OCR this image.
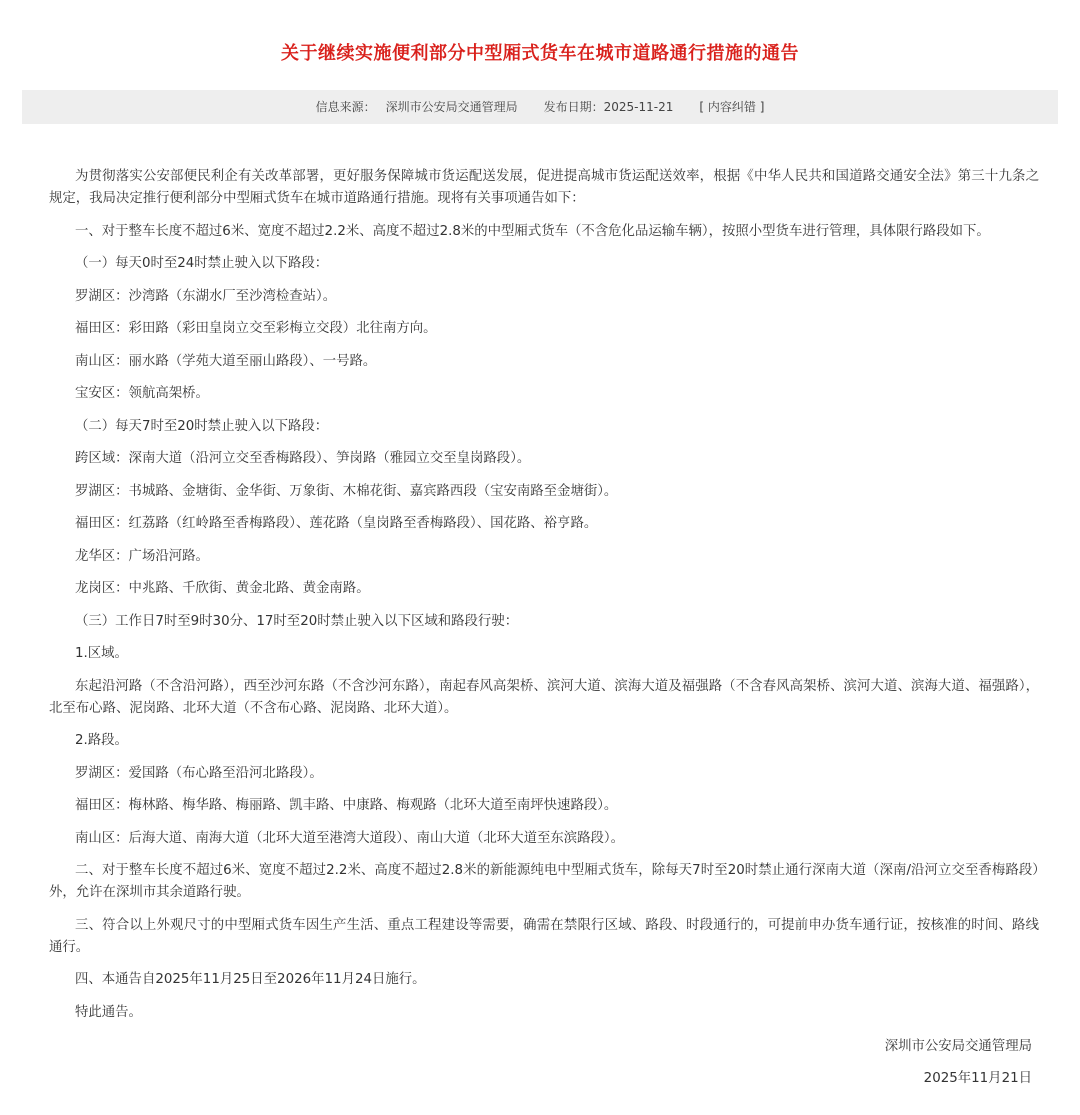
关于继续实施便利部分中型厢式货车在城市道路通行措施的通告
信息来源： 深圳市公安局交通管理局 发布日期：2025-11-21 [ 内容纠错 ]

为贯彻落实公安部便民利企有关改革部署，更好服务保障城市货运配送发展，促进提高城市货运配送效率，根据《中华人民共和国道路交通安全法》第三十九条之规定，我局决定推行便利部分中型厢式货车在城市道路通行措施。现将有关事项通告如下：

一、对于整车长度不超过6米、宽度不超过2.2米、高度不超过2.8米的中型厢式货车（不含危化品运输车辆），按照小型货车进行管理，具体限行路段如下。

（一）每天0时至24时禁止驶入以下路段：

罗湖区：沙湾路（东湖水厂至沙湾检查站）。

福田区：彩田路（彩田皇岗立交至彩梅立交段）北往南方向。

南山区：丽水路（学苑大道至丽山路段）、一号路。

宝安区：领航高架桥。

（二）每天7时至20时禁止驶入以下路段：

跨区域：深南大道（沿河立交至香梅路段）、笋岗路（雅园立交至皇岗路段）。

罗湖区：书城路、金塘街、金华街、万象街、木棉花街、嘉宾路西段（宝安南路至金塘街）。

福田区：红荔路（红岭路至香梅路段）、莲花路（皇岗路至香梅路段）、国花路、裕亨路。

龙华区：广场沿河路。

龙岗区：中兆路、千欣街、黄金北路、黄金南路。

（三）工作日7时至9时30分、17时至20时禁止驶入以下区域和路段行驶：

1.区域。

东起沿河路（不含沿河路），西至沙河东路（不含沙河东路），南起春风高架桥、滨河大道、滨海大道及福强路（不含春风高架桥、滨河大道、滨海大道、福强路），北至布心路、泥岗路、北环大道（不含布心路、泥岗路、北环大道）。

2.路段。

罗湖区：爱国路（布心路至沿河北路段）。

福田区：梅林路、梅华路、梅丽路、凯丰路、中康路、梅观路（北环大道至南坪快速路段）。

南山区：后海大道、南海大道（北环大道至港湾大道段）、南山大道（北环大道至东滨路段）。

二、对于整车长度不超过6米、宽度不超过2.2米、高度不超过2.8米的新能源纯电中型厢式货车，除每天7时至20时禁止通行深南大道（深南/沿河立交至香梅路段）外，允许在深圳市其余道路行驶。

三、符合以上外观尺寸的中型厢式货车因生产生活、重点工程建设等需要，确需在禁限行区域、路段、时段通行的，可提前申办货车通行证，按核准的时间、路线通行。

四、本通告自2025年11月25日至2026年11月24日施行。

特此通告。

深圳市公安局交通管理局
2025年11月21日
